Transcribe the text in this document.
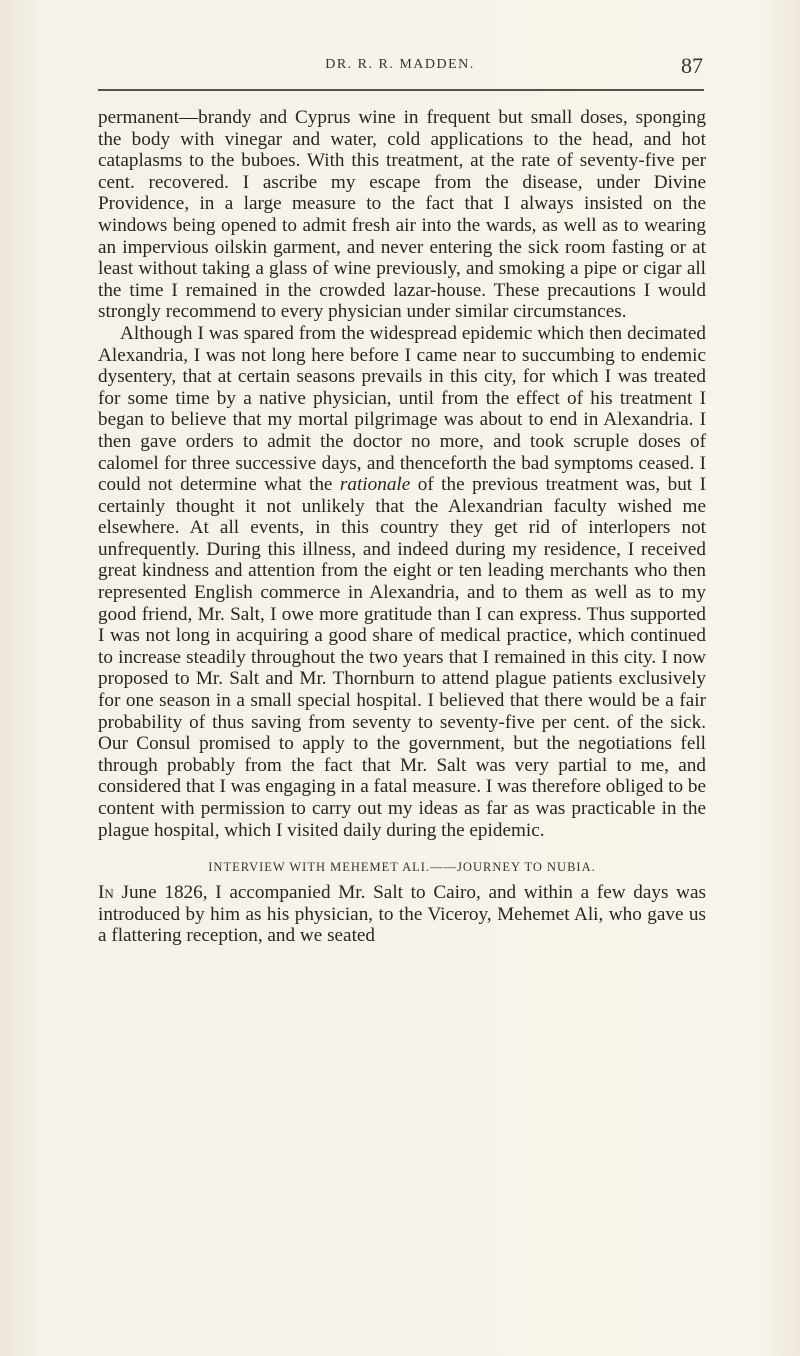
DR. R. R. MADDEN.	87

permanent—brandy and Cyprus wine in frequent but small doses, sponging the body with vinegar and water, cold applications to the head, and hot cataplasms to the buboes. With this treatment, at the rate of seventy-five per cent. recovered. I ascribe my escape from the disease, under Divine Providence, in a large measure to the fact that I always insisted on the windows being opened to admit fresh air into the wards, as well as to wearing an impervious oilskin garment, and never entering the sick room fasting or at least without taking a glass of wine previously, and smoking a pipe or cigar all the time I remained in the crowded lazar-house. These precautions I would strongly recommend to every physician under similar circumstances.

Although I was spared from the widespread epidemic which then decimated Alexandria, I was not long here before I came near to succumbing to endemic dysentery, that at certain seasons prevails in this city, for which I was treated for some time by a native physician, until from the effect of his treatment I began to believe that my mortal pilgrimage was about to end in Alexandria. I then gave orders to admit the doctor no more, and took scruple doses of calomel for three successive days, and thenceforth the bad symptoms ceased. I could not determine what the rationale of the previous treatment was, but I certainly thought it not unlikely that the Alexandrian faculty wished me elsewhere. At all events, in this country they get rid of interlopers not unfrequently. During this illness, and indeed during my residence, I received great kindness and attention from the eight or ten leading merchants who then represented English commerce in Alexandria, and to them as well as to my good friend, Mr. Salt, I owe more gratitude than I can express. Thus supported I was not long in acquiring a good share of medical practice, which continued to increase steadily throughout the two years that I remained in this city. I now proposed to Mr. Salt and Mr. Thornburn to attend plague patients exclusively for one season in a small special hospital. I believed that there would be a fair probability of thus saving from seventy to seventy-five per cent. of the sick. Our Consul promised to apply to the government, but the negotiations fell through probably from the fact that Mr. Salt was very partial to me, and considered that I was engaging in a fatal measure. I was therefore obliged to be content with permission to carry out my ideas as far as was practicable in the plague hospital, which I visited daily during the epidemic.

INTERVIEW WITH MEHEMET ALI.——JOURNEY TO NUBIA.

In June 1826, I accompanied Mr. Salt to Cairo, and within a few days was introduced by him as his physician, to the Viceroy, Mehemet Ali, who gave us a flattering reception, and we seated
